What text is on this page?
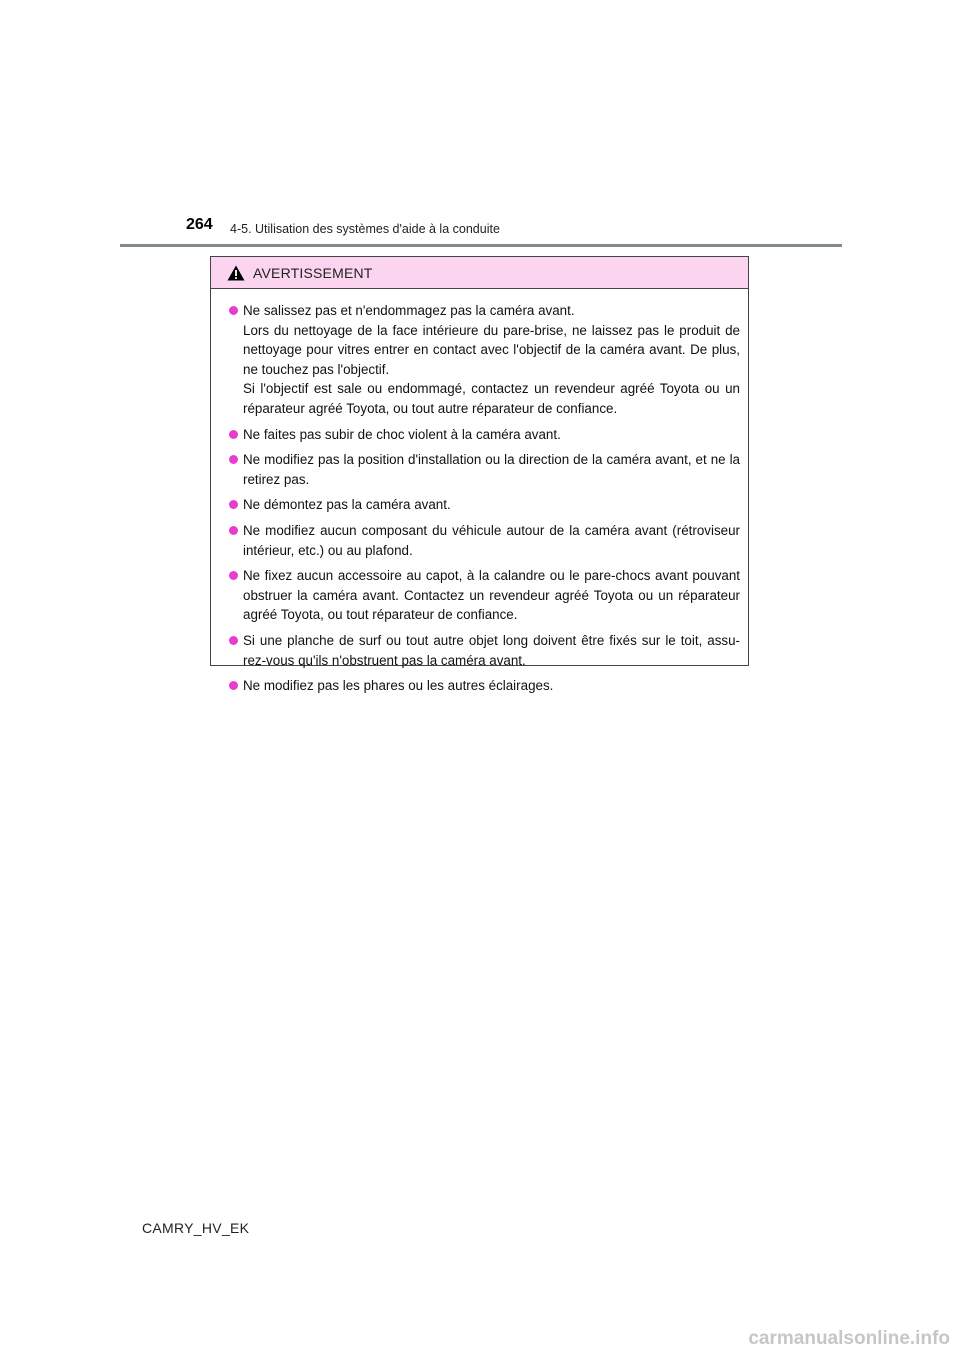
264 4-5. Utilisation des systèmes d'aide à la conduite
AVERTISSEMENT
Ne salissez pas et n'endommagez pas la caméra avant.
Lors du nettoyage de la face intérieure du pare-brise, ne laissez pas le produit de nettoyage pour vitres entrer en contact avec l'objectif de la caméra avant. De plus, ne touchez pas l'objectif.
Si l'objectif est sale ou endommagé, contactez un revendeur agréé Toyota ou un réparateur agréé Toyota, ou tout autre réparateur de confiance.
Ne faites pas subir de choc violent à la caméra avant.
Ne modifiez pas la position d'installation ou la direction de la caméra avant, et ne la retirez pas.
Ne démontez pas la caméra avant.
Ne modifiez aucun composant du véhicule autour de la caméra avant (rétroviseur intérieur, etc.) ou au plafond.
Ne fixez aucun accessoire au capot, à la calandre ou le pare-chocs avant pouvant obstruer la caméra avant. Contactez un revendeur agréé Toyota ou un réparateur agréé Toyota, ou tout réparateur de confiance.
Si une planche de surf ou tout autre objet long doivent être fixés sur le toit, assu-rez-vous qu'ils n'obstruent pas la caméra avant.
Ne modifiez pas les phares ou les autres éclairages.
CAMRY_HV_EK
carmanualsonline.info
